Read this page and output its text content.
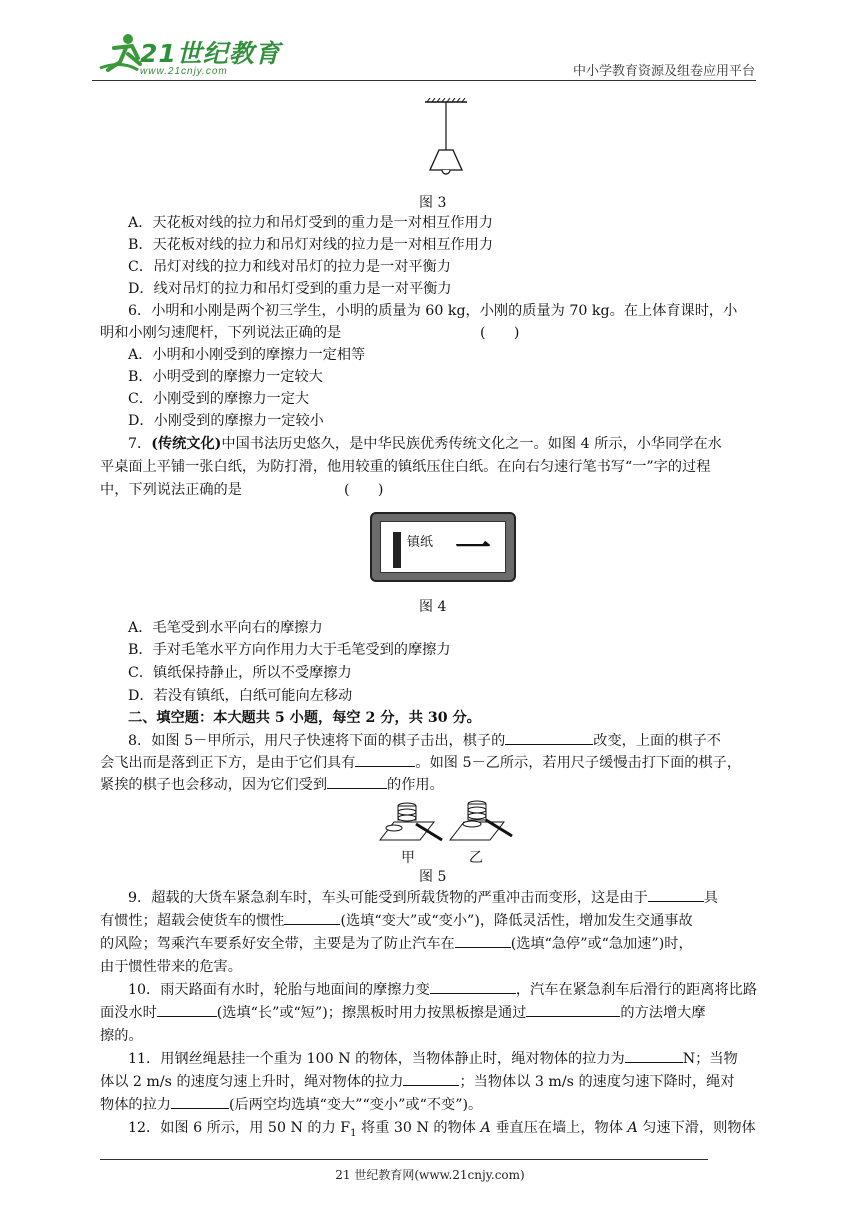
21世纪教育
www.21cnjy.com	中小学教育资源及组卷应用平台
图 3
A．天花板对线的拉力和吊灯受到的重力是一对相互作用力
B．天花板对线的拉力和吊灯对线的拉力是一对相互作用力
C．吊灯对线的拉力和线对吊灯的拉力是一对平衡力
D．线对吊灯的拉力和吊灯受到的重力是一对平衡力
6．小明和小刚是两个初三学生，小明的质量为 60 kg，小刚的质量为 70 kg。在上体育课时，小
明和小刚匀速爬杆，下列说法正确的是	(　　)
A．小明和小刚受到的摩擦力一定相等
B．小明受到的摩擦力一定较大
C．小刚受到的摩擦力一定大
D．小刚受到的摩擦力一定较小
7．(传统文化)中国书法历史悠久，是中华民族优秀传统文化之一。如图 4 所示，小华同学在水
平桌面上平铺一张白纸，为防打滑，他用较重的镇纸压住白纸。在向右匀速行笔书写“一”字的过程
中，下列说法正确的是	(　　)
镇纸 一
图 4
A．毛笔受到水平向右的摩擦力
B．手对毛笔水平方向作用力大于毛笔受到的摩擦力
C．镇纸保持静止，所以不受摩擦力
D．若没有镇纸，白纸可能向左移动
二、填空题：本大题共 5 小题，每空 2 分，共 30 分。
8．如图 5－甲所示，用尺子快速将下面的棋子击出，棋子的	改变，上面的棋子不
会飞出而是落到正下方，是由于它们具有	。如图 5－乙所示，若用尺子缓慢击打下面的棋子，
紧挨的棋子也会移动，因为它们受到	的作用。
甲	乙
图 5
9．超载的大货车紧急刹车时，车头可能受到所载货物的严重冲击而变形，这是由于	具
有惯性；超载会使货车的惯性	(选填“变大”或“变小”)，降低灵活性，增加发生交通事故
的风险；驾乘汽车要系好安全带，主要是为了防止汽车在	(选填“急停”或“急加速”)时，
由于惯性带来的危害。
10．雨天路面有水时，轮胎与地面间的摩擦力变	，汽车在紧急刹车后滑行的距离将比路
面没水时	(选填“长”或“短”)；擦黑板时用力按黑板擦是通过	的方法增大摩
擦的。
11．用钢丝绳悬挂一个重为 100 N 的物体，当物体静止时，绳对物体的拉力为	N；当物
体以 2 m/s 的速度匀速上升时，绳对物体的拉力	；当物体以 3 m/s 的速度匀速下降时，绳对
物体的拉力	(后两空均选填“变大”“变小”或“不变”)。
12．如图 6 所示，用 50 N 的力 $F_1$ 将重 30 N 的物体 A 垂直压在墙上，物体 A 匀速下滑，则物体
21 世纪教育网(www.21cnjy.com)
